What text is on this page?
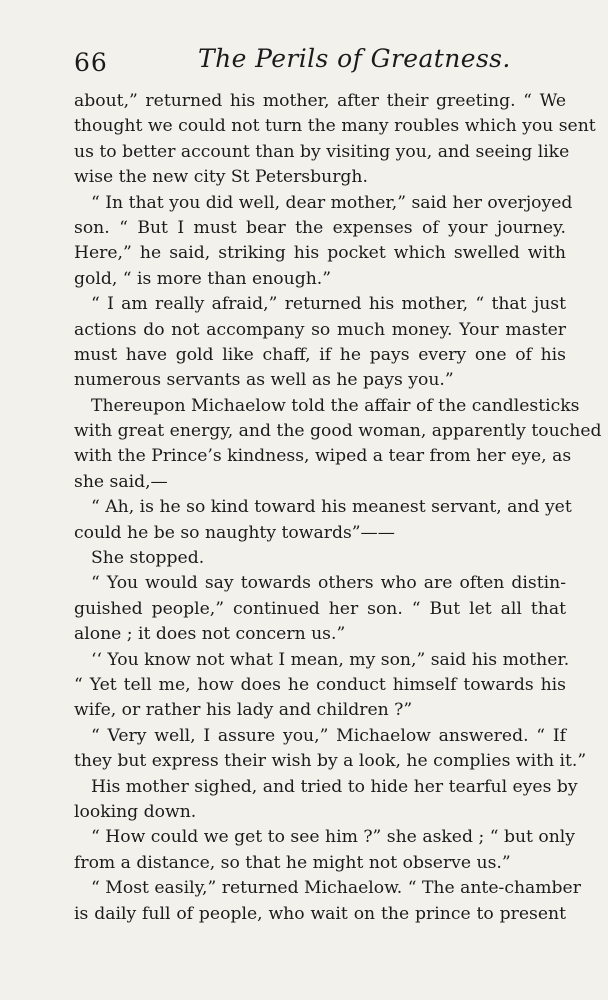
66	The Perils of Greatness.
about,” returned his mother, after their greeting. “ We
thought we could not turn the many roubles which you sent
us to better account than by visiting you, and seeing like
wise the new city St Petersburgh.
“ In that you did well, dear mother,” said her overjoyed
son. “ But I must bear the expenses of your journey.
Here,” he said, striking his pocket which swelled with
gold, “ is more than enough.”
“ I am really afraid,” returned his mother, “ that just
actions do not accompany so much money. Your master
must have gold like chaff, if he pays every one of his
numerous servants as well as he pays you.”
Thereupon Michaelow told the affair of the candlesticks
with great energy, and the good woman, apparently touched
with the Prince’s kindness, wiped a tear from her eye, as
she said,—
“ Ah, is he so kind toward his meanest servant, and yet
could he be so naughty towards”——
She stopped.
“ You would say towards others who are often distin-
guished people,” continued her son. “ But let all that
alone ; it does not concern us.”
‘‘ You know not what I mean, my son,” said his mother.
“ Yet tell me, how does he conduct himself towards his
wife, or rather his lady and children ?”
“ Very well, I assure you,” Michaelow answered. “ If
they but express their wish by a look, he complies with it.”
His mother sighed, and tried to hide her tearful eyes by
looking down.
“ How could we get to see him ?” she asked ; “ but only
from a distance, so that he might not observe us.”
“ Most easily,” returned Michaelow. “ The ante-chamber
is daily full of people, who wait on the prince to present
